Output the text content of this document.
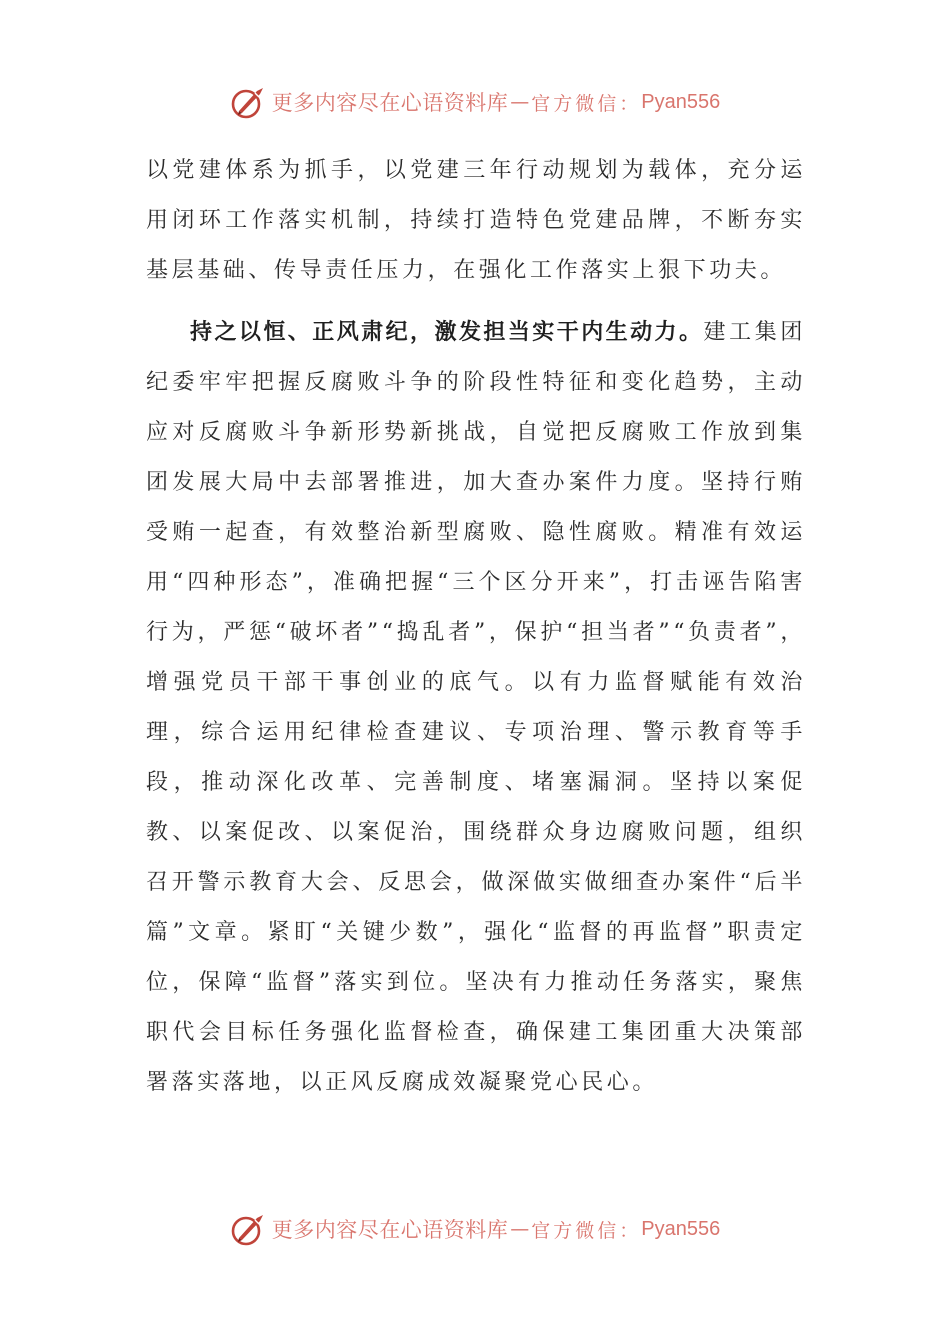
更多内容尽在心语资料库 — 官方微信： Pyan556

以党建体系为抓手，以党建三年行动规划为载体，充分运用闭环工作落实机制，持续打造特色党建品牌，不断夯实基层基础、传导责任压力，在强化工作落实上狠下功夫。

持之以恒、正风肃纪，激发担当实干内生动力。建工集团纪委牢牢把握反腐败斗争的阶段性特征和变化趋势，主动应对反腐败斗争新形势新挑战，自觉把反腐败工作放到集团发展大局中去部署推进，加大查办案件力度。坚持行贿受贿一起查，有效整治新型腐败、隐性腐败。精准有效运用“四种形态”，准确把握“三个区分开来”，打击诬告陷害行为，严惩“破坏者”“捣乱者”，保护“担当者”“负责者”，增强党员干部干事创业的底气。以有力监督赋能有效治理，综合运用纪律检查建议、专项治理、警示教育等手段，推动深化改革、完善制度、堵塞漏洞。坚持以案促教、以案促改、以案促治，围绕群众身边腐败问题，组织召开警示教育大会、反思会，做深做实做细查办案件“后半篇”文章。紧盯“关键少数”，强化“监督的再监督”职责定位，保障“监督”落实到位。坚决有力推动任务落实，聚焦职代会目标任务强化监督检查，确保建工集团重大决策部署落实落地，以正风反腐成效凝聚党心民心。

更多内容尽在心语资料库 — 官方微信： Pyan556
